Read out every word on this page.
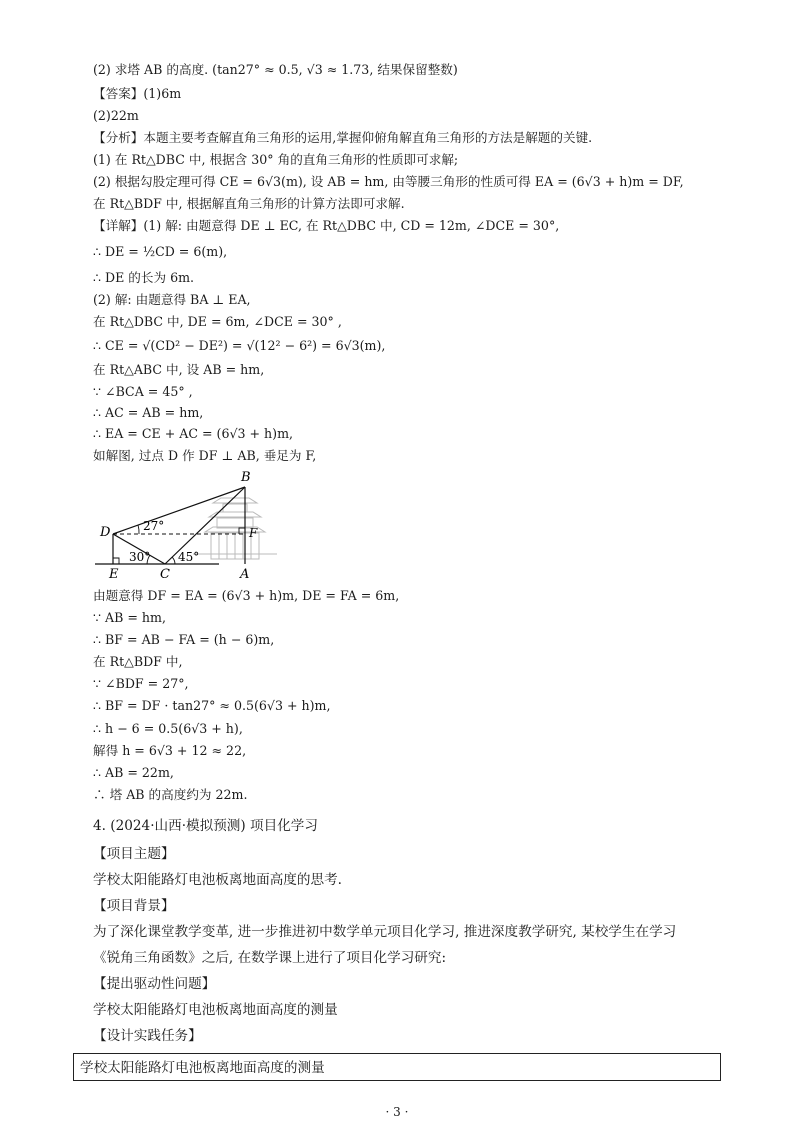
(2) 求塔 AB 的高度. (tan27° ≈ 0.5, √3 ≈ 1.73, 结果保留整数)
【答案】(1)6m
(2)22m
【分析】本题主要考查解直角三角形的运用,掌握仰俯角解直角三角形的方法是解题的关键.
(1) 在 Rt△DBC 中, 根据含 30° 角的直角三角形的性质即可求解;
(2) 根据勾股定理可得 CE = 6√3(m), 设 AB = hm, 由等腰三角形的性质可得 EA = (6√3 + h)m = DF,
在 Rt△BDF 中, 根据解直角三角形的计算方法即可求解.
【详解】(1) 解: 由题意得 DE ⊥ EC, 在 Rt△DBC 中, CD = 12m, ∠DCE = 30°,
∴ DE = ½CD = 6(m),
∴ DE 的长为 6m.
(2) 解: 由题意得 BA ⊥ EA,
在 Rt△DBC 中, DE = 6m, ∠DCE = 30° ,
∴ CE = √(CD² − DE²) = √(12² − 6²) = 6√3(m),
在 Rt△ABC 中, 设 AB = hm,
∵ ∠BCA = 45° ,
∴ AC = AB = hm,
∴ EA = CE + AC = (6√3 + h)m,
如解图, 过点 D 作 DF ⊥ AB, 垂足为 F,
B
D	F
E	C	A
27°
30° 45°
由题意得 DF = EA = (6√3 + h)m, DE = FA = 6m,
∵ AB = hm,
∴ BF = AB − FA = (h − 6)m,
在 Rt△BDF 中,
∵ ∠BDF = 27°,
∴ BF = DF · tan27° ≈ 0.5(6√3 + h)m,
∴ h − 6 = 0.5(6√3 + h),
解得 h = 6√3 + 12 ≈ 22,
∴ AB = 22m,
∴ 塔 AB 的高度约为 22m.
4. (2024·山西·模拟预测) 项目化学习
【项目主题】
学校太阳能路灯电池板离地面高度的思考.
【项目背景】
为了深化课堂教学变革, 进一步推进初中数学单元项目化学习, 推进深度教学研究, 某校学生在学习
《锐角三角函数》之后, 在数学课上进行了项目化学习研究:
【提出驱动性问题】
学校太阳能路灯电池板离地面高度的测量
【设计实践任务】
学校太阳能路灯电池板离地面高度的测量
· 3 ·
